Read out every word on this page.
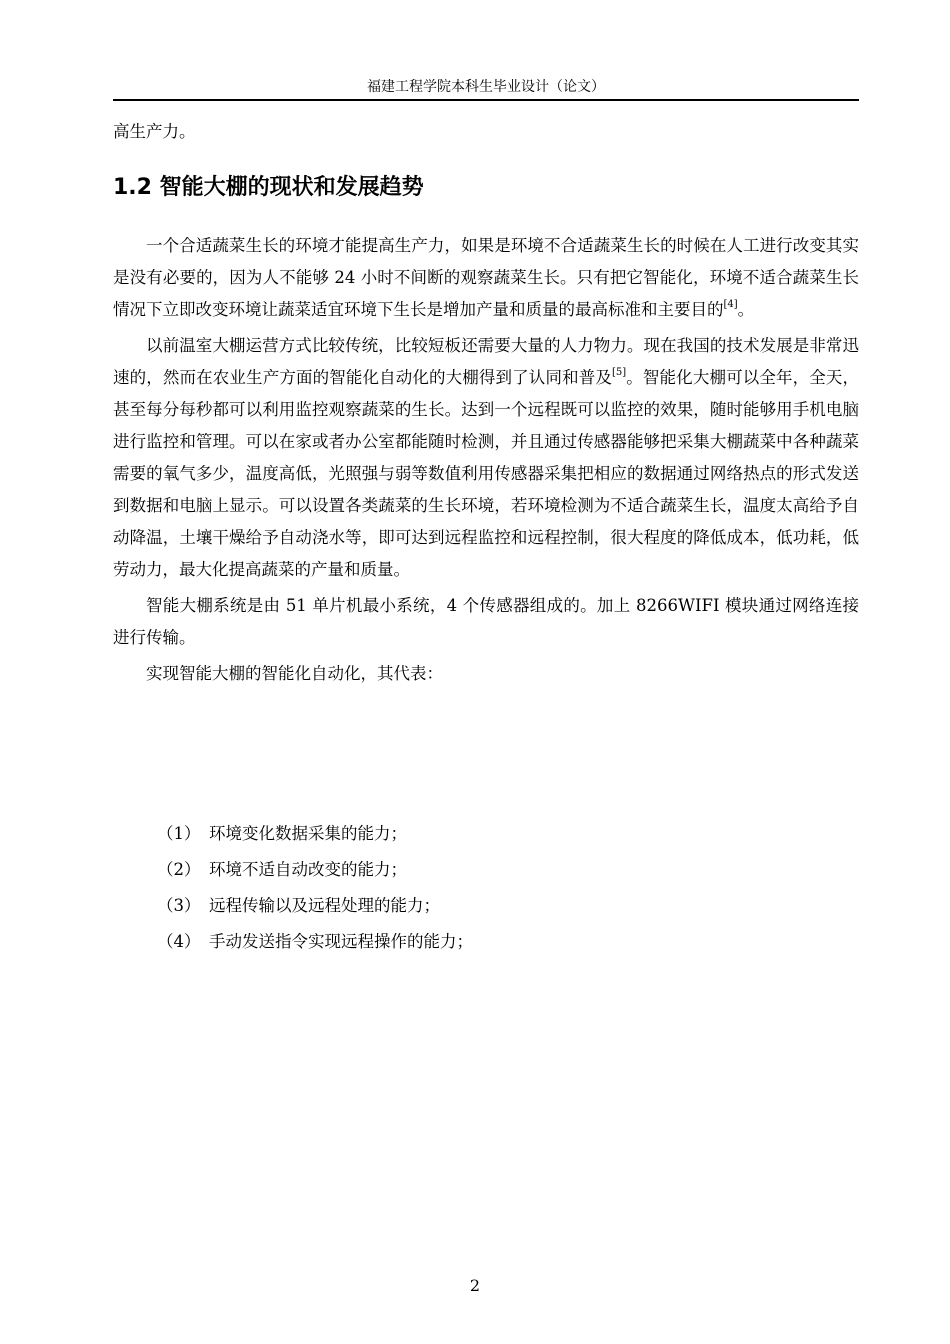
福建工程学院本科生毕业设计（论文）
高生产力。
1.2 智能大棚的现状和发展趋势

一个合适蔬菜生长的环境才能提高生产力，如果是环境不合适蔬菜生长的时候在人工进行改变其实是没有必要的，因为人不能够 24 小时不间断的观察蔬菜生长。只有把它智能化，环境不适合蔬菜生长情况下立即改变环境让蔬菜适宜环境下生长是增加产量和质量的最高标准和主要目的[4]。

以前温室大棚运营方式比较传统，比较短板还需要大量的人力物力。现在我国的技术发展是非常迅速的，然而在农业生产方面的智能化自动化的大棚得到了认同和普及[5]。智能化大棚可以全年，全天，甚至每分每秒都可以利用监控观察蔬菜的生长。达到一个远程既可以监控的效果，随时能够用手机电脑进行监控和管理。可以在家或者办公室都能随时检测，并且通过传感器能够把采集大棚蔬菜中各种蔬菜需要的氧气多少，温度高低，光照强与弱等数值利用传感器采集把相应的数据通过网络热点的形式发送到数据和电脑上显示。可以设置各类蔬菜的生长环境，若环境检测为不适合蔬菜生长，温度太高给予自动降温，土壤干燥给予自动浇水等，即可达到远程监控和远程控制，很大程度的降低成本，低功耗，低劳动力，最大化提高蔬菜的产量和质量。

智能大棚系统是由 51 单片机最小系统，4 个传感器组成的。加上 8266WIFI 模块通过网络连接进行传输。

实现智能大棚的智能化自动化，其代表：

（1） 环境变化数据采集的能力；
（2） 环境不适自动改变的能力；
（3） 远程传输以及远程处理的能力；
（4） 手动发送指令实现远程操作的能力；
2
